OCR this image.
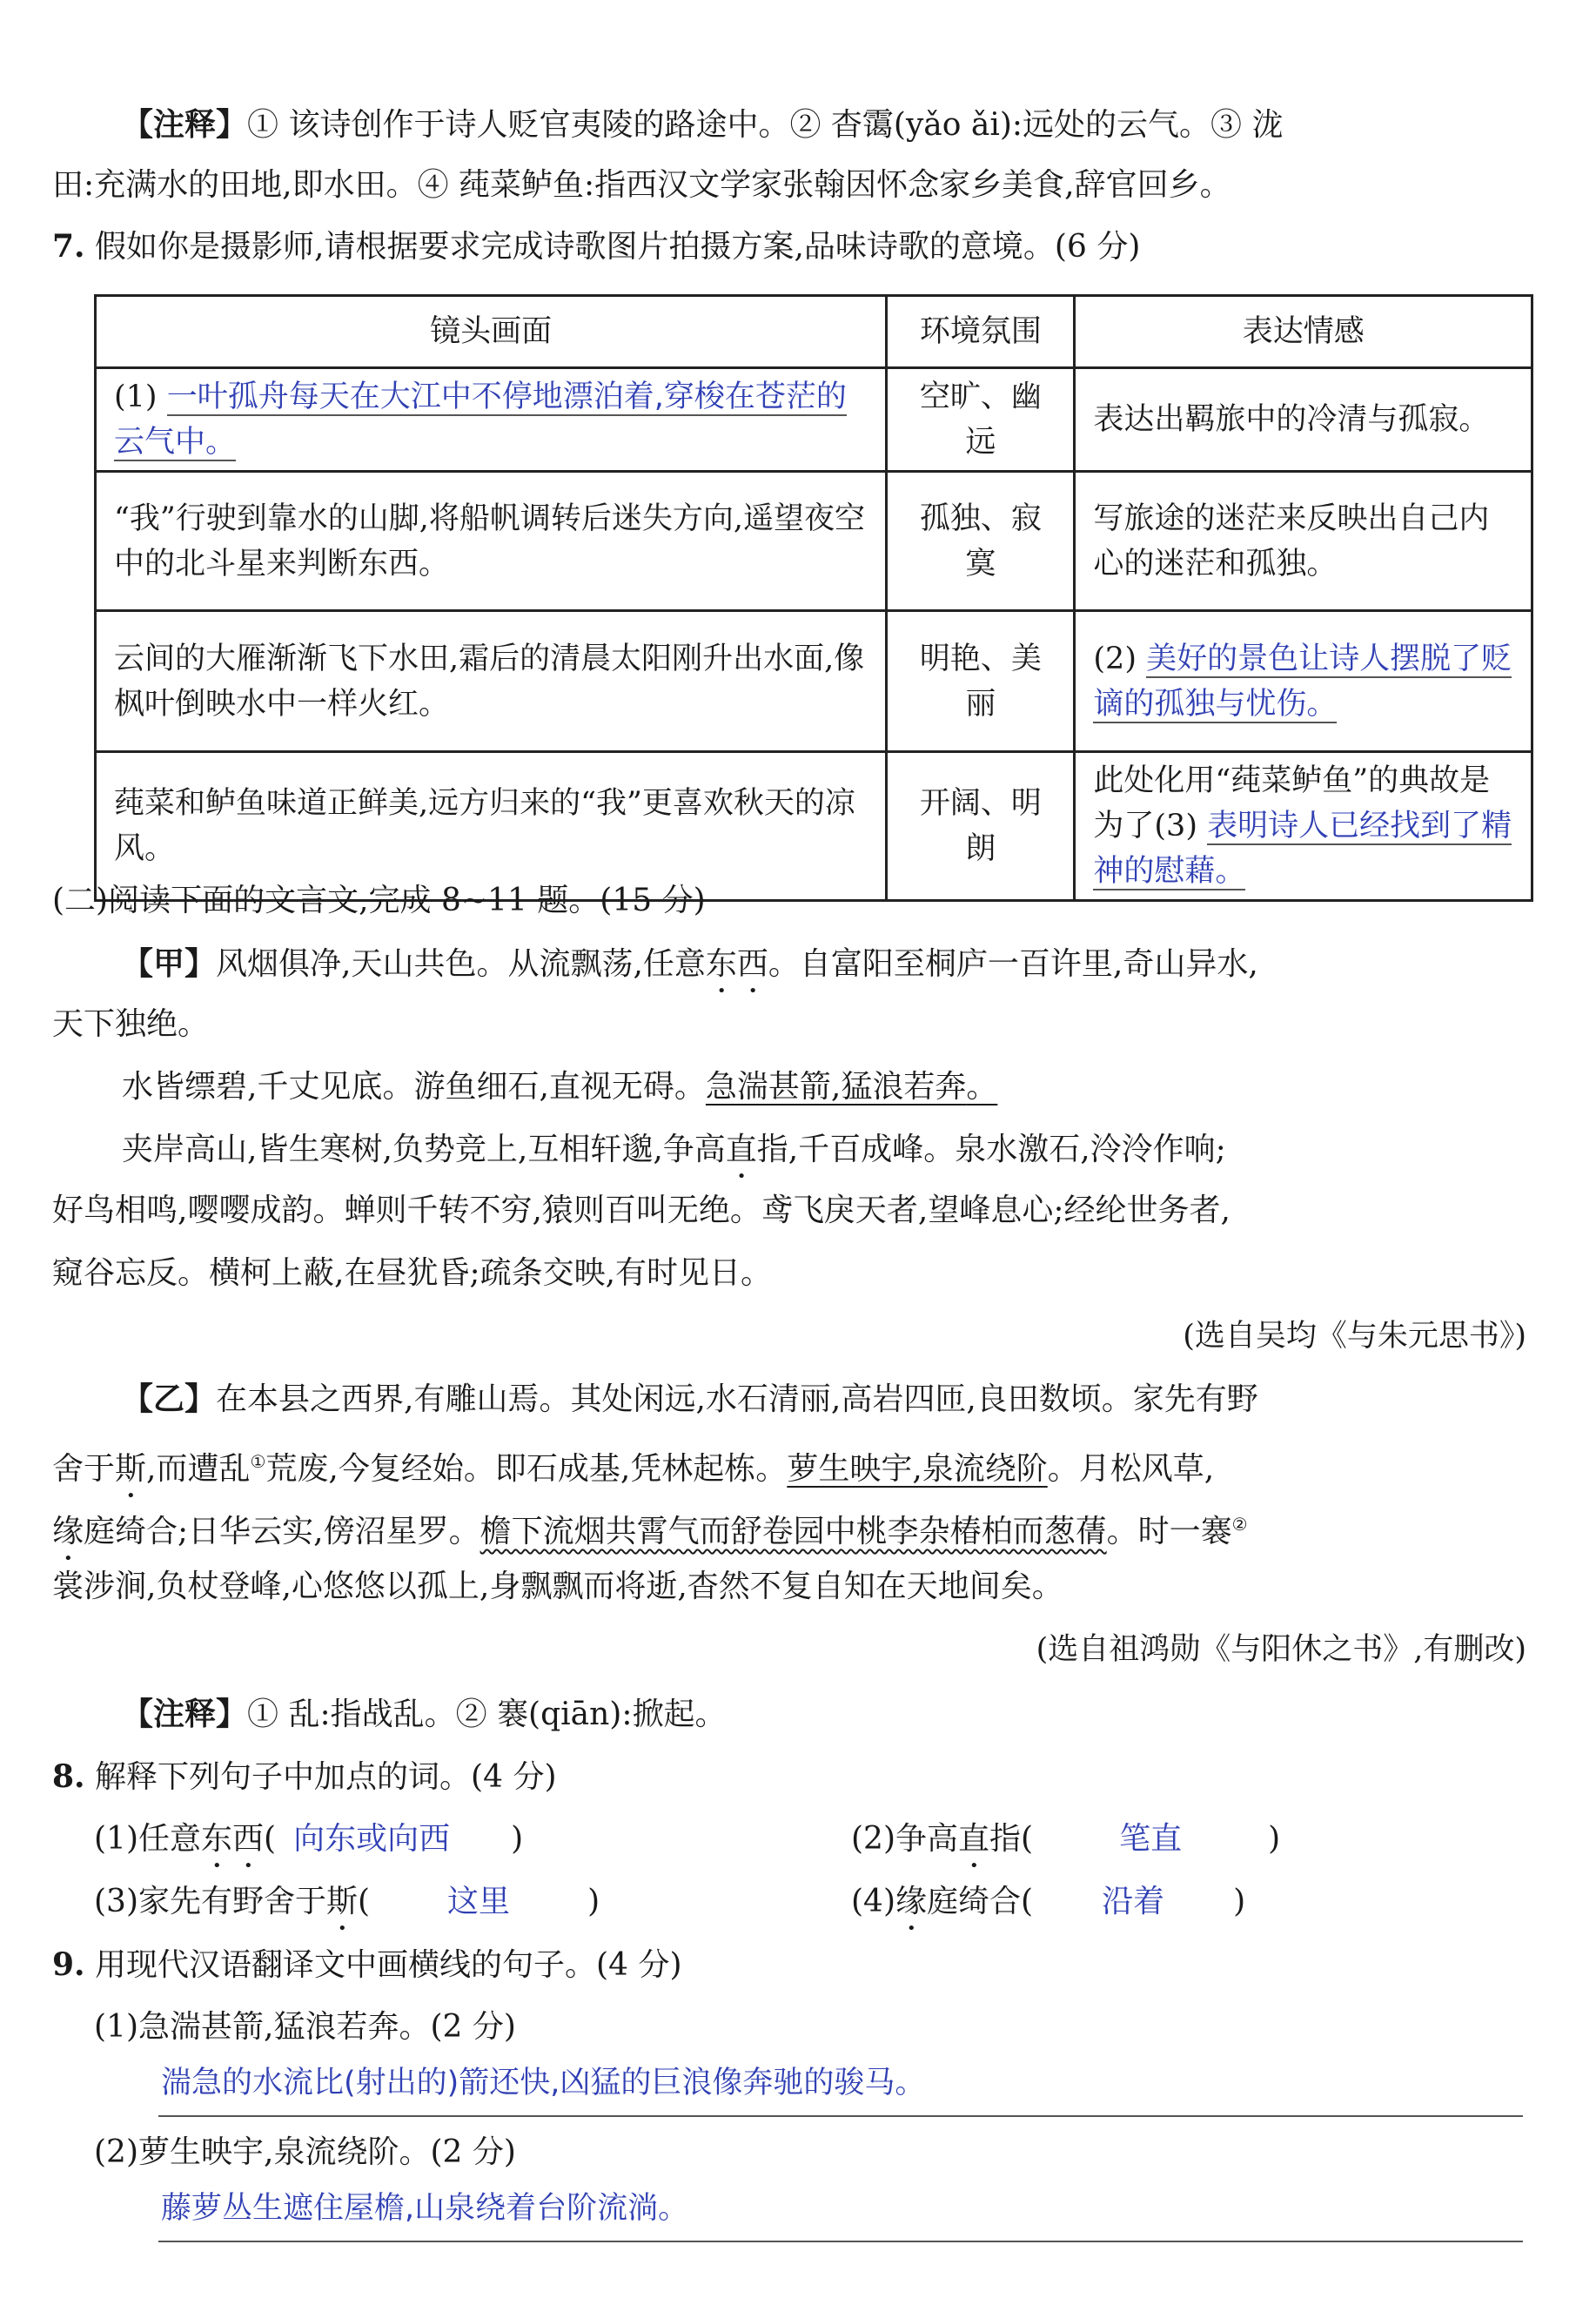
【注释】① 该诗创作于诗人贬官夷陵的路途中。② 杳霭(yǎo ǎi):远处的云气。③ 泷
田:充满水的田地,即水田。④ 莼菜鲈鱼:指西汉文学家张翰因怀念家乡美食,辞官回乡。
7. 假如你是摄影师,请根据要求完成诗歌图片拍摄方案,品味诗歌的意境。(6 分)
镜头画面	环境氛围	表达情感
(1) 一叶孤舟每天在大江中不停地漂泊着,穿梭在苍茫的云气中。	空旷、幽远	表达出羁旅中的冷清与孤寂。
“我”行驶到靠水的山脚,将船帆调转后迷失方向,遥望夜空中的北斗星来判断东西。	孤独、寂寞	写旅途的迷茫来反映出自己内心的迷茫和孤独。
云间的大雁渐渐飞下水田,霜后的清晨太阳刚升出水面,像枫叶倒映水中一样火红。	明艳、美丽	(2) 美好的景色让诗人摆脱了贬谪的孤独与忧伤。
莼菜和鲈鱼味道正鲜美,远方归来的“我”更喜欢秋天的凉风。	开阔、明朗	此处化用“莼菜鲈鱼”的典故是为了(3) 表明诗人已经找到了精神的慰藉。
(二)阅读下面的文言文,完成 8~11 题。(15 分)
【甲】风烟俱净,天山共色。从流飘荡,任意东西。自富阳至桐庐一百许里,奇山异水,
天下独绝。
水皆缥碧,千丈见底。游鱼细石,直视无碍。急湍甚箭,猛浪若奔。
夹岸高山,皆生寒树,负势竞上,互相轩邈,争高直指,千百成峰。泉水激石,泠泠作响;
好鸟相鸣,嘤嘤成韵。蝉则千转不穷,猿则百叫无绝。鸢飞戾天者,望峰息心;经纶世务者,
窥谷忘反。横柯上蔽,在昼犹昏;疏条交映,有时见日。
(选自吴均《与朱元思书》)
【乙】在本县之西界,有雕山焉。其处闲远,水石清丽,高岩四匝,良田数顷。家先有野
舍于斯,而遭乱①荒废,今复经始。即石成基,凭林起栋。萝生映宇,泉流绕阶。月松风草,
缘庭绮合;日华云实,傍沼星罗。檐下流烟共霄气而舒卷园中桃李杂椿柏而葱蒨。时一褰②
裳涉涧,负杖登峰,心悠悠以孤上,身飘飘而将逝,杳然不复自知在天地间矣。
(选自祖鸿勋《与阳休之书》,有删改)
【注释】① 乱:指战乱。② 褰(qiān):掀起。
8. 解释下列句子中加点的词。(4 分)
(1)任意东西( 向东或向西 )	(2)争高直指(	笔直	)
(3)家先有野舍于斯( 这里 )	(4)缘庭绮合( 沿着 )
9. 用现代汉语翻译文中画横线的句子。(4 分)
(1)急湍甚箭,猛浪若奔。(2 分)
湍急的水流比(射出的)箭还快,凶猛的巨浪像奔驰的骏马。
(2)萝生映宇,泉流绕阶。(2 分)
藤萝丛生遮住屋檐,山泉绕着台阶流淌。
